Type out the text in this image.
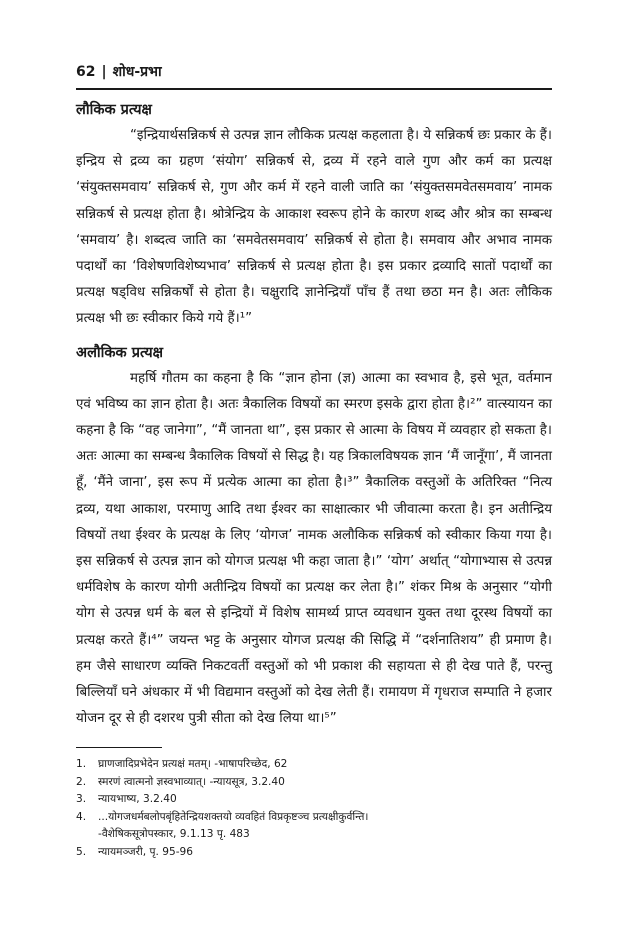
62 | शोध-प्रभा
लौकिक प्रत्यक्ष

“इन्द्रियार्थसन्निकर्ष से उत्पन्न ज्ञान लौकिक प्रत्यक्ष कहलाता है। ये सन्निकर्ष छः प्रकार के हैं। इन्द्रिय से द्रव्य का ग्रहण ‘संयोग’ सन्निकर्ष से, द्रव्य में रहने वाले गुण और कर्म का प्रत्यक्ष ‘संयुक्तसमवाय’ सन्निकर्ष से, गुण और कर्म में रहने वाली जाति का ‘संयुक्तसमवेतसमवाय’ नामक सन्निकर्ष से प्रत्यक्ष होता है। श्रोत्रेन्द्रिय के आकाश स्वरूप होने के कारण शब्द और श्रोत्र का सम्बन्ध ‘समवाय’ है। शब्दत्व जाति का ‘समवेतसमवाय’ सन्निकर्ष से होता है। समवाय और अभाव नामक पदार्थों का ‘विशेषणविशेष्यभाव’ सन्निकर्ष से प्रत्यक्ष होता है। इस प्रकार द्रव्यादि सातों पदार्थों का प्रत्यक्ष षड्विध सन्निकर्षों से होता है। चक्षुरादि ज्ञानेन्द्रियाँ पाँच हैं तथा छठा मन है। अतः लौकिक प्रत्यक्ष भी छः स्वीकार किये गये हैं।¹”

अलौकिक प्रत्यक्ष

महर्षि गौतम का कहना है कि “ज्ञान होना (ज्ञ) आत्मा का स्वभाव है, इसे भूत, वर्तमान एवं भविष्य का ज्ञान होता है। अतः त्रैकालिक विषयों का स्मरण इसके द्वारा होता है।²” वात्स्यायन का कहना है कि “वह जानेगा”, “मैं जानता था”, इस प्रकार से आत्मा के विषय में व्यवहार हो सकता है। अतः आत्मा का सम्बन्ध त्रैकालिक विषयों से सिद्ध है। यह त्रिकालविषयक ज्ञान ‘मैं जानूँगा’, मैं जानता हूँ, ‘मैंने जाना’, इस रूप में प्रत्येक आत्मा का होता है।³” त्रैकालिक वस्तुओं के अतिरिक्त “नित्य द्रव्य, यथा आकाश, परमाणु आदि तथा ईश्वर का साक्षात्कार भी जीवात्मा करता है। इन अतीन्द्रिय विषयों तथा ईश्वर के प्रत्यक्ष के लिए ‘योगज’ नामक अलौकिक सन्निकर्ष को स्वीकार किया गया है। इस सन्निकर्ष से उत्पन्न ज्ञान को योगज प्रत्यक्ष भी कहा जाता है।” ‘योग’ अर्थात् “योगाभ्यास से उत्पन्न धर्मविशेष के कारण योगी अतीन्द्रिय विषयों का प्रत्यक्ष कर लेता है।” शंकर मिश्र के अनुसार “योगी योग से उत्पन्न धर्म के बल से इन्द्रियों में विशेष सामर्थ्य प्राप्त व्यवधान युक्त तथा दूरस्थ विषयों का प्रत्यक्ष करते हैं।⁴” जयन्त भट्ट के अनुसार योगज प्रत्यक्ष की सिद्धि में “दर्शनातिशय” ही प्रमाण है। हम जैसे साधारण व्यक्ति निकटवर्ती वस्तुओं को भी प्रकाश की सहायता से ही देख पाते हैं, परन्तु बिल्लियाँ घने अंधकार में भी विद्यमान वस्तुओं को देख लेती हैं। रामायण में गृधराज सम्पाति ने हजार योजन दूर से ही दशरथ पुत्री सीता को देख लिया था।⁵”

1.	घ्राणजादिप्रभेदेन प्रत्यक्षं मतम्। -भाषापरिच्छेद, 62
2.	स्मरणं त्वात्मनो ज्ञस्वभाव्यात्। -न्यायसूत्र, 3.2.40
3.	न्यायभाष्य, 3.2.40
4.	...योगजधर्मबलोपबृंहितेन्द्रियशक्तयो व्यवहितं विप्रकृष्टञ्च प्रत्यक्षीकुर्वन्ति।
-वैशेषिकसूत्रोपस्कार, 9.1.13 पृ. 483
5.	न्यायमञ्जरी, पृ. 95-96
